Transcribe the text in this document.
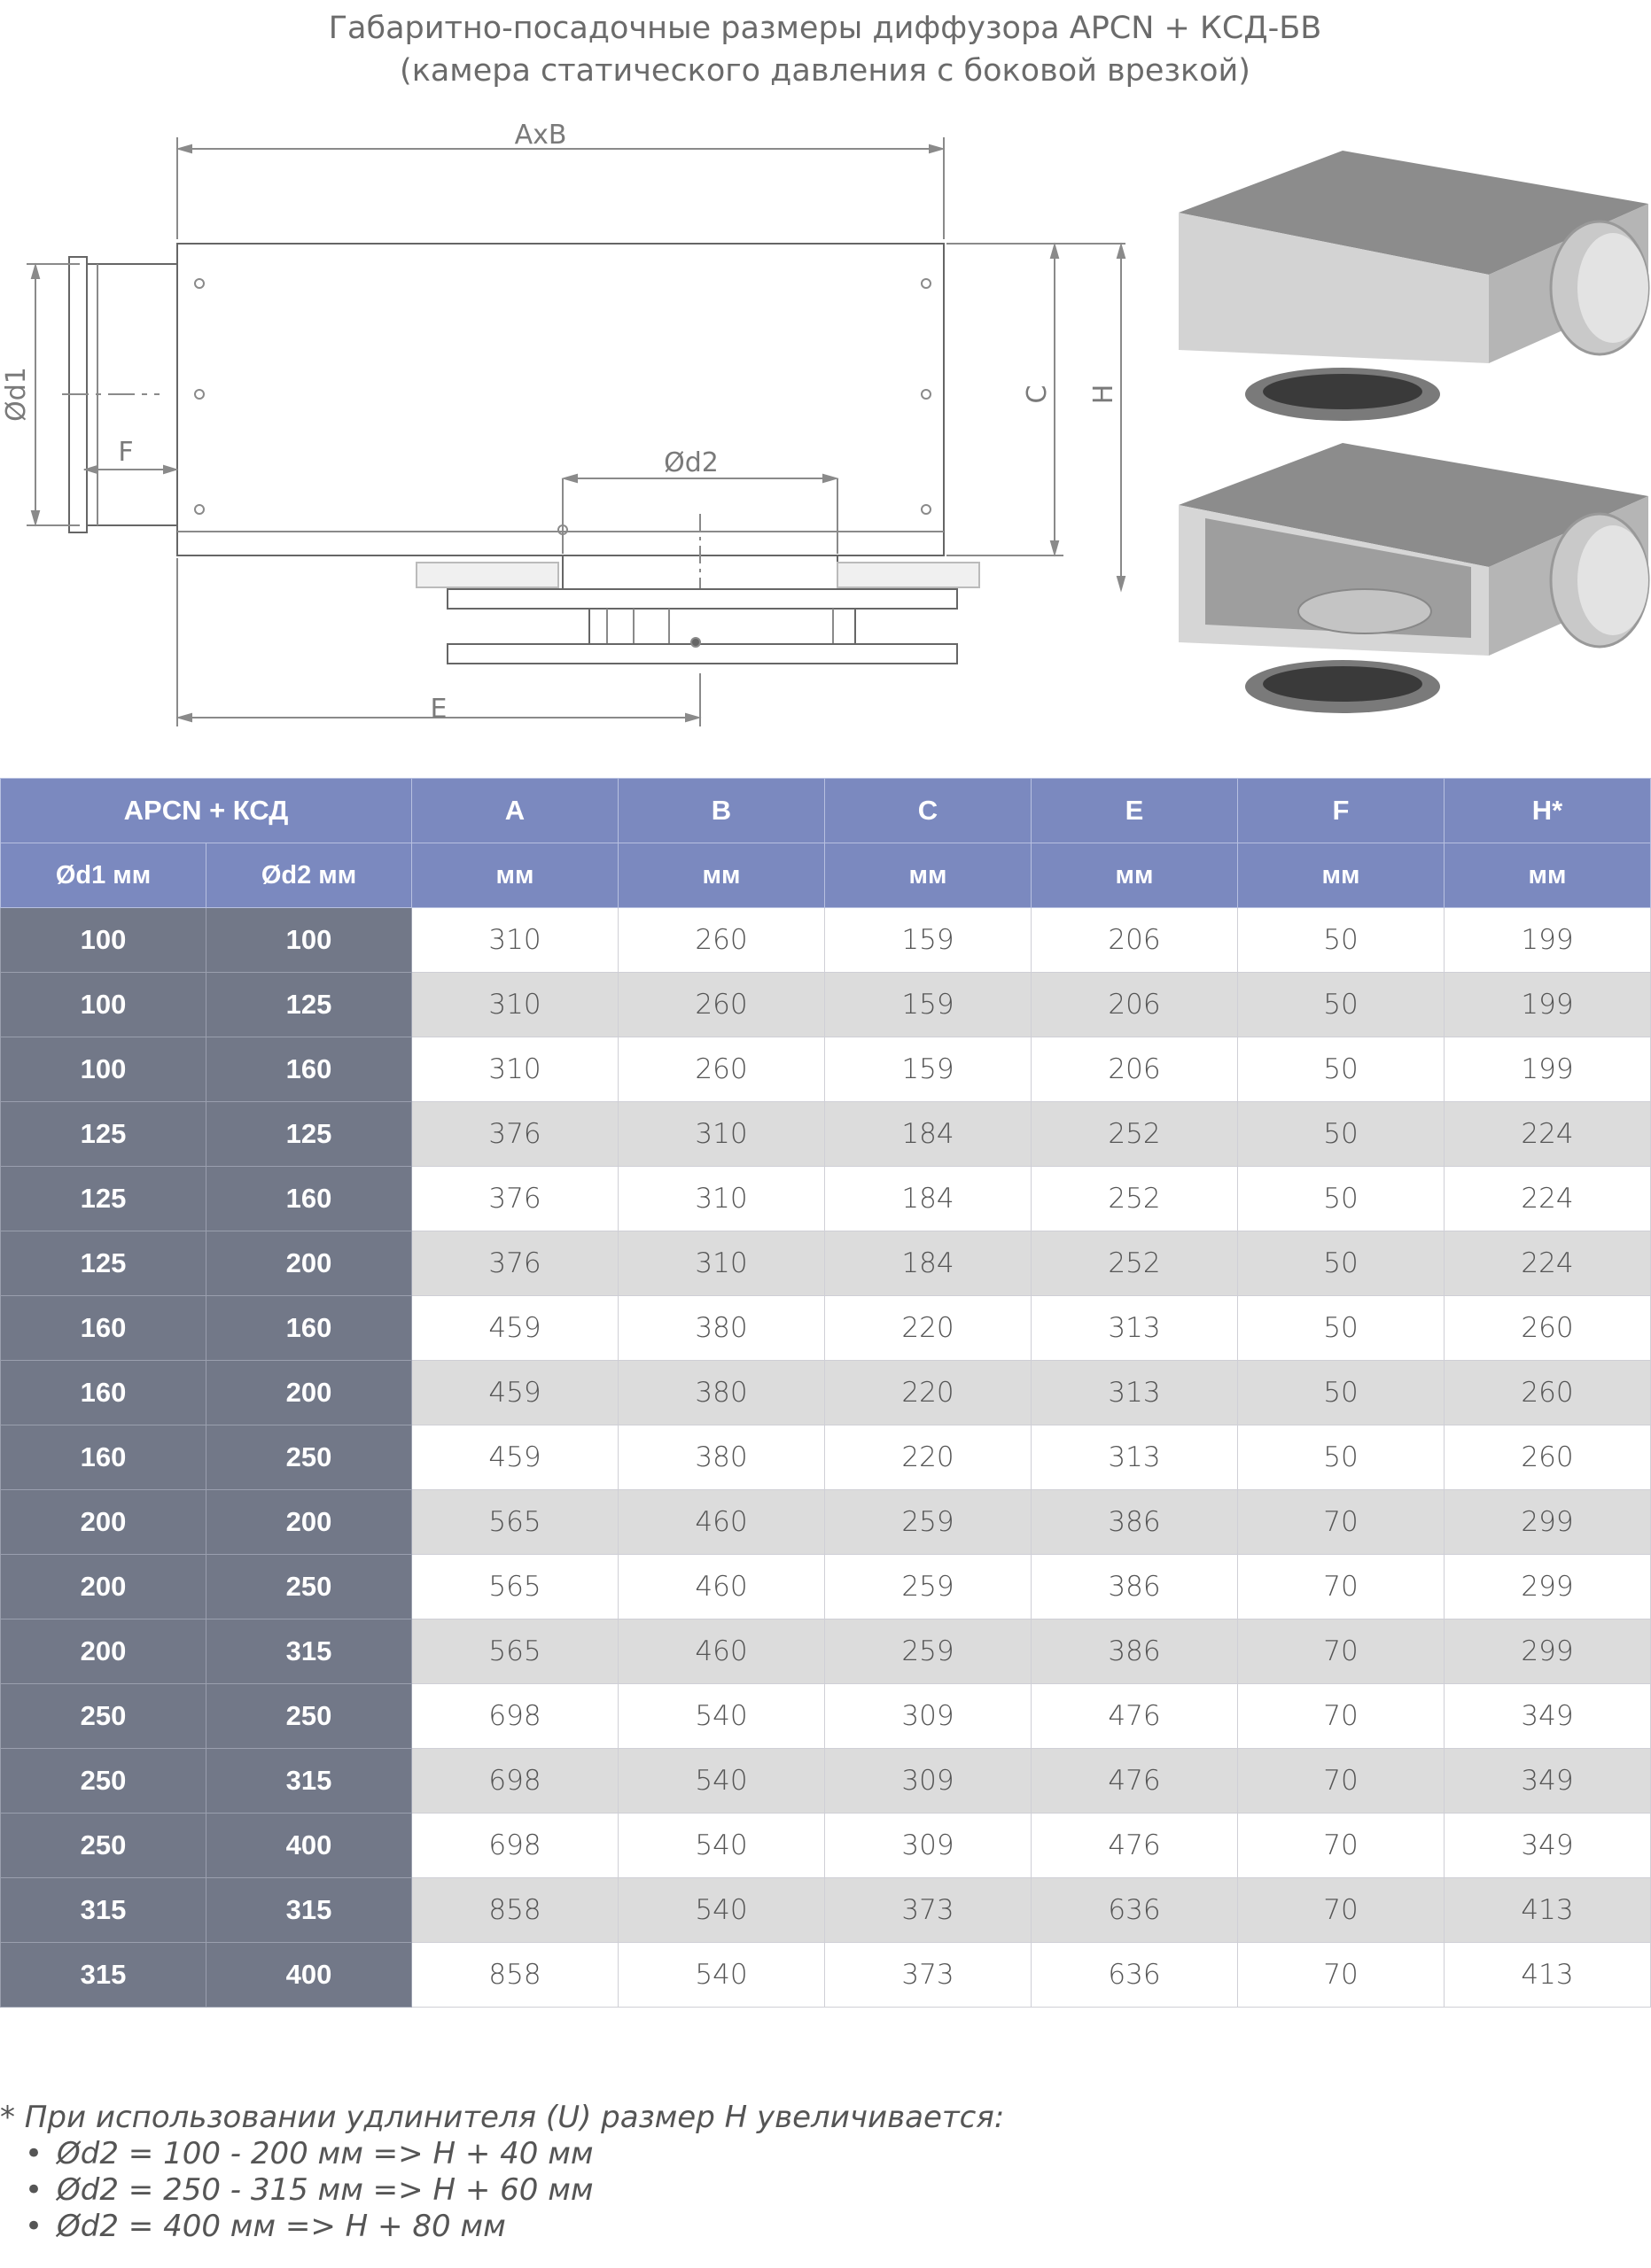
Габаритно-посадочные размеры диффузора APCN + КСД-БВ
(камера статического давления с боковой врезкой)
AxB
Ød2
F
E
Ød1	C H
APCN + КСД		A	B	C	E	F	H*
Ød1 мм	Ød2 мм	мм	мм	мм	мм	мм	мм
100	100	310	260	159	206	50	199
100	125	310	260	159	206	50	199
100	160	310	260	159	206	50	199
125	125	376	310	184	252	50	224
125	160	376	310	184	252	50	224
125	200	376	310	184	252	50	224
160	160	459	380	220	313	50	260
160	200	459	380	220	313	50	260
160	250	459	380	220	313	50	260
200	200	565	460	259	386	70	299
200	250	565	460	259	386	70	299
200	315	565	460	259	386	70	299
250	250	698	540	309	476	70	349
250	315	698	540	309	476	70	349
250	400	698	540	309	476	70	349
315	315	858	540	373	636	70	413
315	400	858	540	373	636	70	413
* При использовании удлинителя (U) размер H увеличивается:
• Ød2 = 100 - 200 мм => H + 40 мм
• Ød2 = 250 - 315 мм => H + 60 мм
• Ød2 = 400 мм => H + 80 мм
